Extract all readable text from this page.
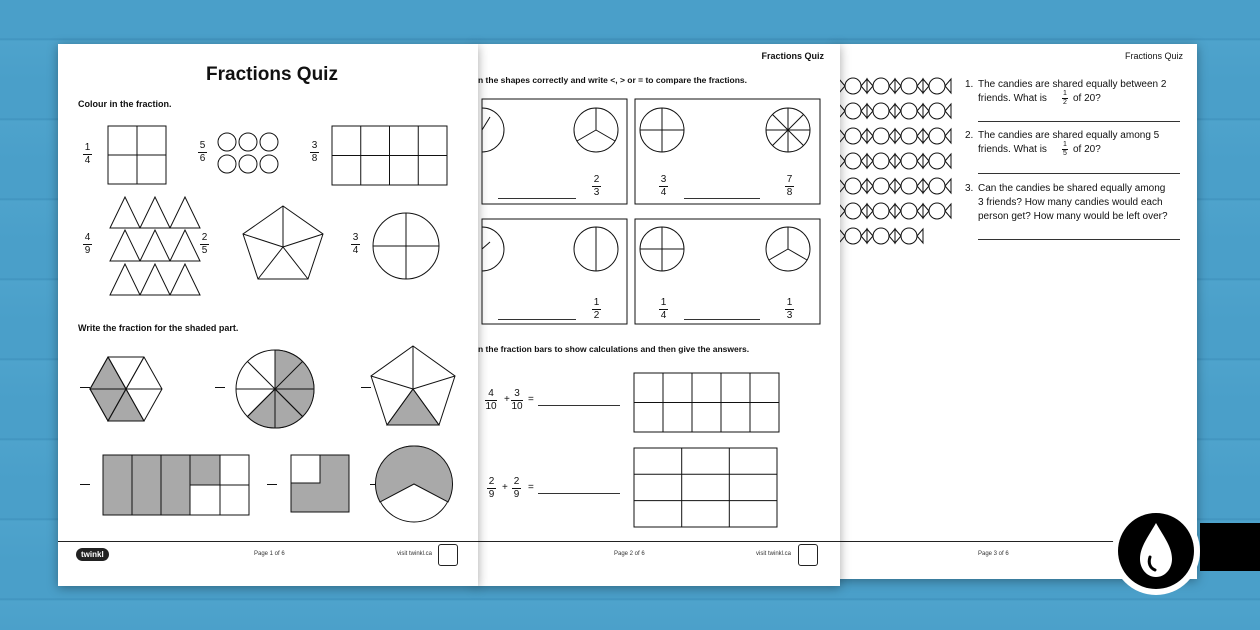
Fractions Quiz
1. The candies are shared equally between 2
friends. What is 1
2 of 20?
2. The candies are shared equally among 5
friends. What is 1
5 of 20?
3. Can the candies be shared equally among
3 friends? How many candies would each
person get? How many would be left over?
Page 3 of 6
Fractions Quiz
n the shapes correctly and write <, > or = to compare the fractions.
2
3
3
4
7
8
1
2
1
4
1
3
n the fraction bars to show calculations and then give the answers.
4
10
+
3
10
=
2
9
+
2
9
=
Page 2 of 6	visit twinkl.ca
Fractions Quiz
Colour in the fraction.
1
4
5
6
3
8
4
9
2
5
3
4
Write the fraction for the shaded part.
twinkl	Page 1 of 6	visit twinkl.ca
